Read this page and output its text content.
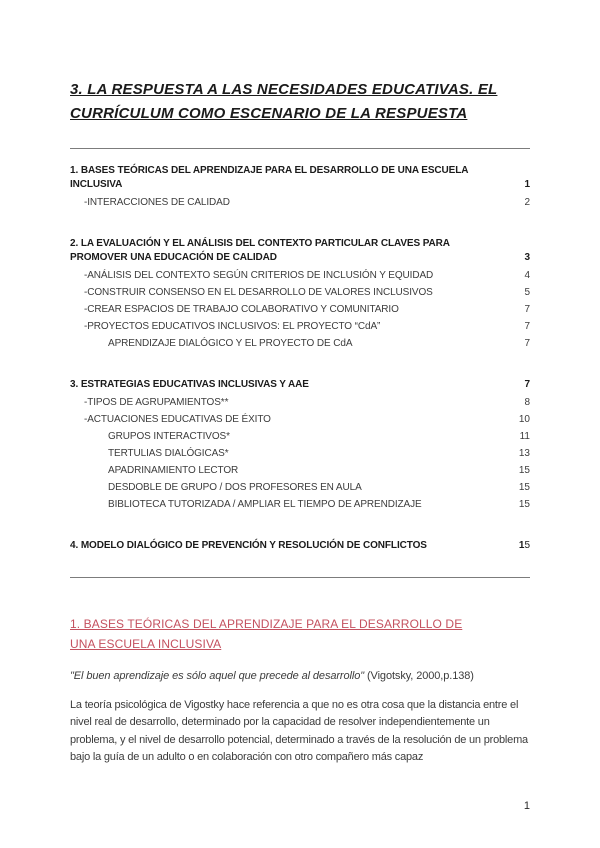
3. LA RESPUESTA A LAS NECESIDADES EDUCATIVAS. EL CURRÍCULUM COMO ESCENARIO DE LA RESPUESTA
1. BASES TEÓRICAS DEL APRENDIZAJE PARA EL DESARROLLO DE UNA ESCUELA INCLUSIVA	1
-INTERACCIONES DE CALIDAD	2
2. LA EVALUACIÓN Y EL ANÁLISIS DEL CONTEXTO PARTICULAR CLAVES PARA PROMOVER UNA EDUCACIÓN DE CALIDAD	3
-ANÁLISIS DEL CONTEXTO SEGÚN CRITERIOS DE INCLUSIÓN Y EQUIDAD	4
-CONSTRUIR CONSENSO EN EL DESARROLLO DE VALORES INCLUSIVOS	5
-CREAR ESPACIOS DE TRABAJO COLABORATIVO Y COMUNITARIO	7
-PROYECTOS EDUCATIVOS INCLUSIVOS: EL PROYECTO “CdA”	7
APRENDIZAJE DIALÓGICO Y EL PROYECTO DE CdA	7
3. ESTRATEGIAS EDUCATIVAS INCLUSIVAS Y AAE	7
-TIPOS DE AGRUPAMIENTOS**	8
-ACTUACIONES EDUCATIVAS DE ÉXITO	10
GRUPOS INTERACTIVOS*	11
TERTULIAS DIALÓGICAS*	13
APADRINAMIENTO LECTOR	15
DESDOBLE DE GRUPO / DOS PROFESORES EN AULA	15
BIBLIOTECA TUTORIZADA / AMPLIAR EL TIEMPO DE APRENDIZAJE	15
4. MODELO DIALÓGICO DE PREVENCIÓN Y RESOLUCIÓN DE CONFLICTOS	15
1. BASES TEÓRICAS DEL APRENDIZAJE PARA EL DESARROLLO DE UNA ESCUELA INCLUSIVA
"El buen aprendizaje es sólo aquel que precede al desarrollo" (Vigotsky, 2000,p.138)
La teoría psicológica de Vigostky hace referencia a que no es otra cosa que la distancia entre el nivel real de desarrollo, determinado por la capacidad de resolver independientemente un problema, y el nivel de desarrollo potencial, determinado a través de la resolución de un problema bajo la guía de un adulto o en colaboración con otro compañero más capaz
1
